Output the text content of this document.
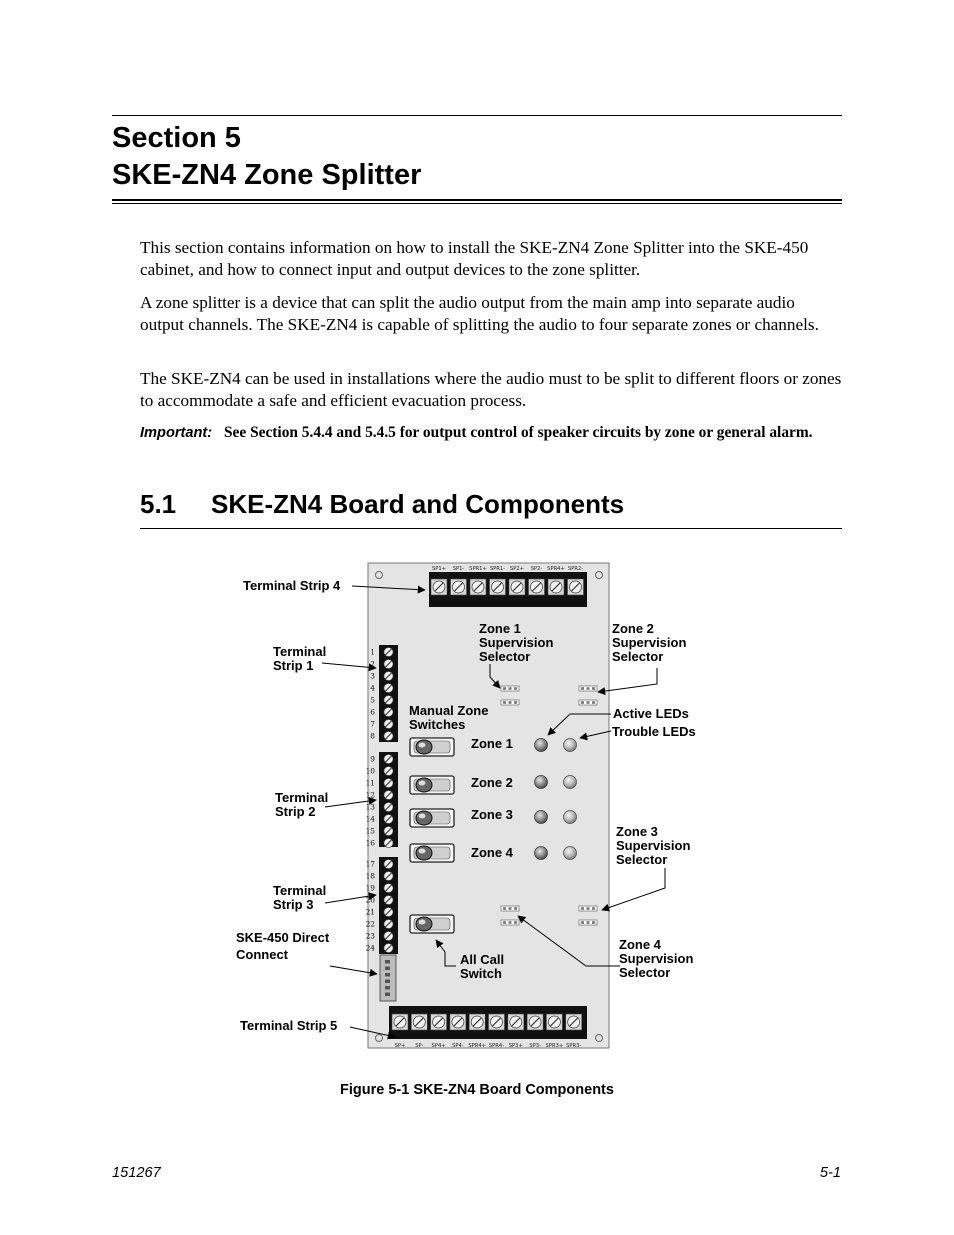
Section 5
SKE-ZN4 Zone Splitter

This section contains information on how to install the SKE-ZN4 Zone Splitter into the SKE-450 cabinet, and how to connect input and output devices to the zone splitter.

A zone splitter is a device that can split the audio output from the main amp into separate audio output channels. The SKE-ZN4 is capable of splitting the audio to four separate zones or channels.

The SKE-ZN4 can be used in installations where the audio must to be split to different floors or zones to accommodate a safe and efficient evacuation process.

Important: See Section 5.4.4 and 5.4.5 for output control of speaker circuits by zone or general alarm.
5.1 SKE-ZN4 Board and Components
SP1+ SP1- SPR1+ SPR1- SP2+ SP2- SPR4+ SPR2-
SP+ SP- SP4+ SP4- SPR4+ SPR4- SP3+ SP3- SPR3+ SPR3-
1
2
3
4
5
6
7
8
9
10
11
12
13
14
15
16
17
18
19
20
21
22
23
24
Terminal Strip 4
Terminal
Strip 1
Terminal
Strip 2
Terminal
Strip 3
SKE-450 Direct
Connect
Terminal Strip 5
Zone 1
Supervision
Selector
Zone 2
Supervision
Selector
Manual Zone
Switches
Active LEDs
Trouble LEDs
Zone 1
Zone 2
Zone 3
Zone 4
Zone 3
Supervision
Selector
Zone 4
Supervision
Selector
All Call
Switch
Figure 5-1 SKE-ZN4 Board Components
151267	5-1
